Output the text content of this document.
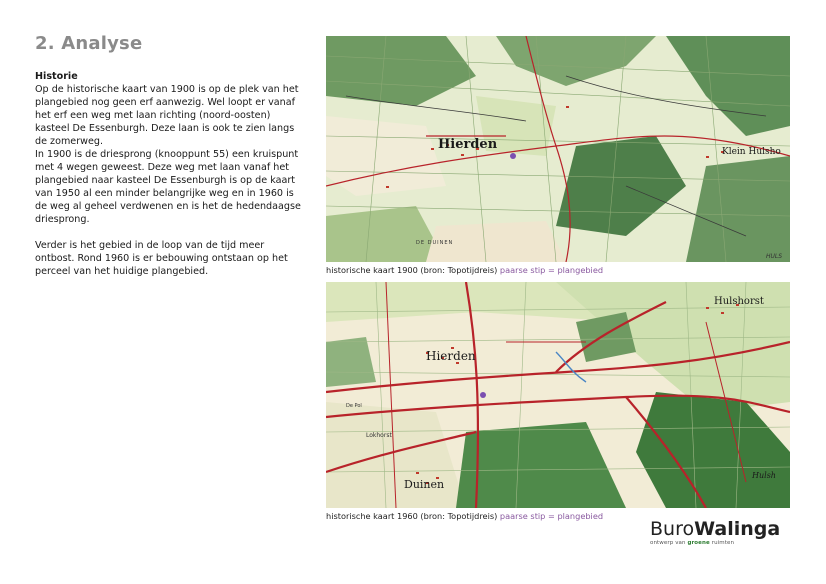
2. Analyse
Historie

Op de historische kaart van 1900 is op de plek van het plangebied nog geen erf aanwezig. Wel loopt er vanaf het erf een weg met laan richting (noord-oosten) kasteel De Essenburgh. Deze laan is ook te zien langs de zomerweg.

In 1900 is de driesprong (knooppunt 55) een kruispunt met 4 wegen geweest. Deze weg met laan vanaf het plangebied naar kasteel De Essenburgh is op de kaart van 1950 al een minder belangrijke weg en in 1960 is de weg al geheel verdwenen en is het de hedendaagse driesprong.

Verder is het gebied in de loop van de tijd meer ontbost. Rond 1960 is er bebouwing ontstaan op het perceel van het huidige plangebied.

Hierden	Klein Hulsho
DE DUINEN
HULS
historische kaart 1900 (bron: Topotijdreis) paarse stip = plangebied
Hierden
Hulshorst
Duinen
Hulsh
Lokhorst
De Pol
historische kaart 1960 (bron: Topotijdreis) paarse stip = plangebied
BuroWalinga
ontwerp van groene ruimten
